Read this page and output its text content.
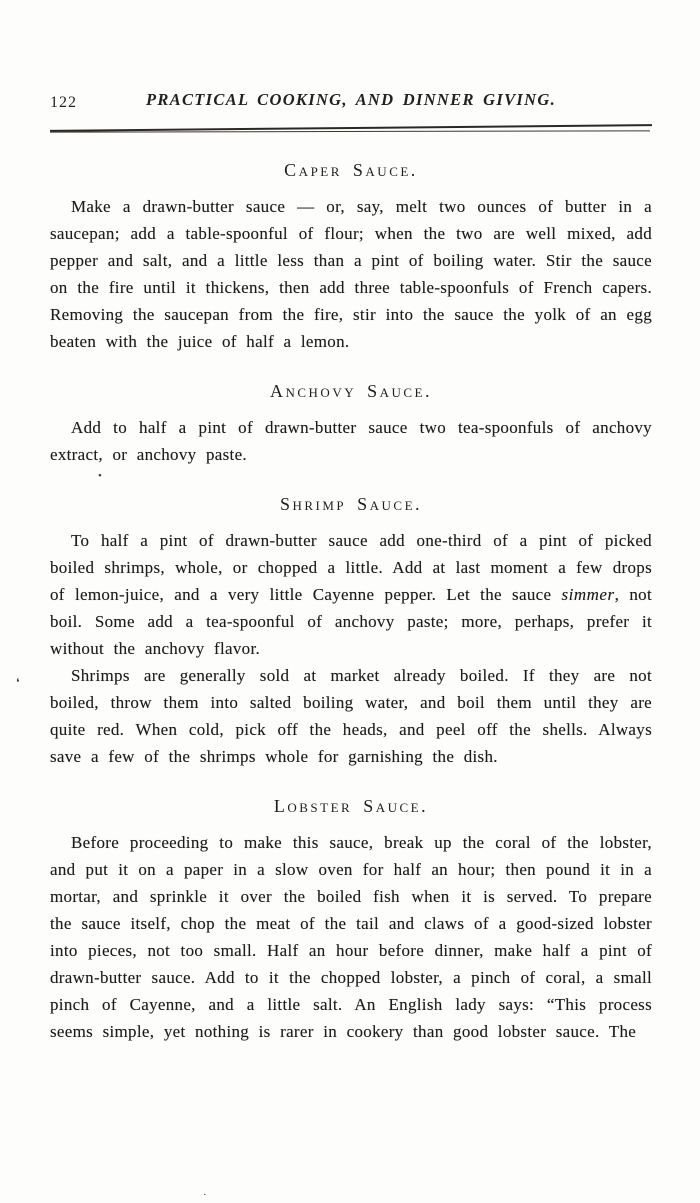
122	PRACTICAL COOKING, AND DINNER GIVING.
Caper Sauce.

Make a drawn-butter sauce — or, say, melt two ounces of butter in a saucepan; add a table-spoonful of flour; when the two are well mixed, add pepper and salt, and a little less than a pint of boiling water. Stir the sauce on the fire until it thickens, then add three table-spoonfuls of French capers. Removing the saucepan from the fire, stir into the sauce the yolk of an egg beaten with the juice of half a lemon.

Anchovy Sauce.

Add to half a pint of drawn-butter sauce two tea-spoonfuls of anchovy extract, or anchovy paste.

Shrimp Sauce.

To half a pint of drawn-butter sauce add one-third of a pint of picked boiled shrimps, whole, or chopped a little. Add at last moment a few drops of lemon-juice, and a very little Cayenne pepper. Let the sauce simmer, not boil. Some add a tea-spoonful of anchovy paste; more, perhaps, prefer it without the anchovy flavor.

Shrimps are generally sold at market already boiled. If they are not boiled, throw them into salted boiling water, and boil them until they are quite red. When cold, pick off the heads, and peel off the shells. Always save a few of the shrimps whole for garnishing the dish.

Lobster Sauce.

Before proceeding to make this sauce, break up the coral of the lobster, and put it on a paper in a slow oven for half an hour; then pound it in a mortar, and sprinkle it over the boiled fish when it is served. To prepare the sauce itself, chop the meat of the tail and claws of a good-sized lobster into pieces, not too small. Half an hour before dinner, make half a pint of drawn-butter sauce. Add to it the chopped lobster, a pinch of coral, a small pinch of Cayenne, and a little salt. An English lady says: “This process seems simple, yet nothing is rarer in cookery than good lobster sauce. The

❛
•
·
